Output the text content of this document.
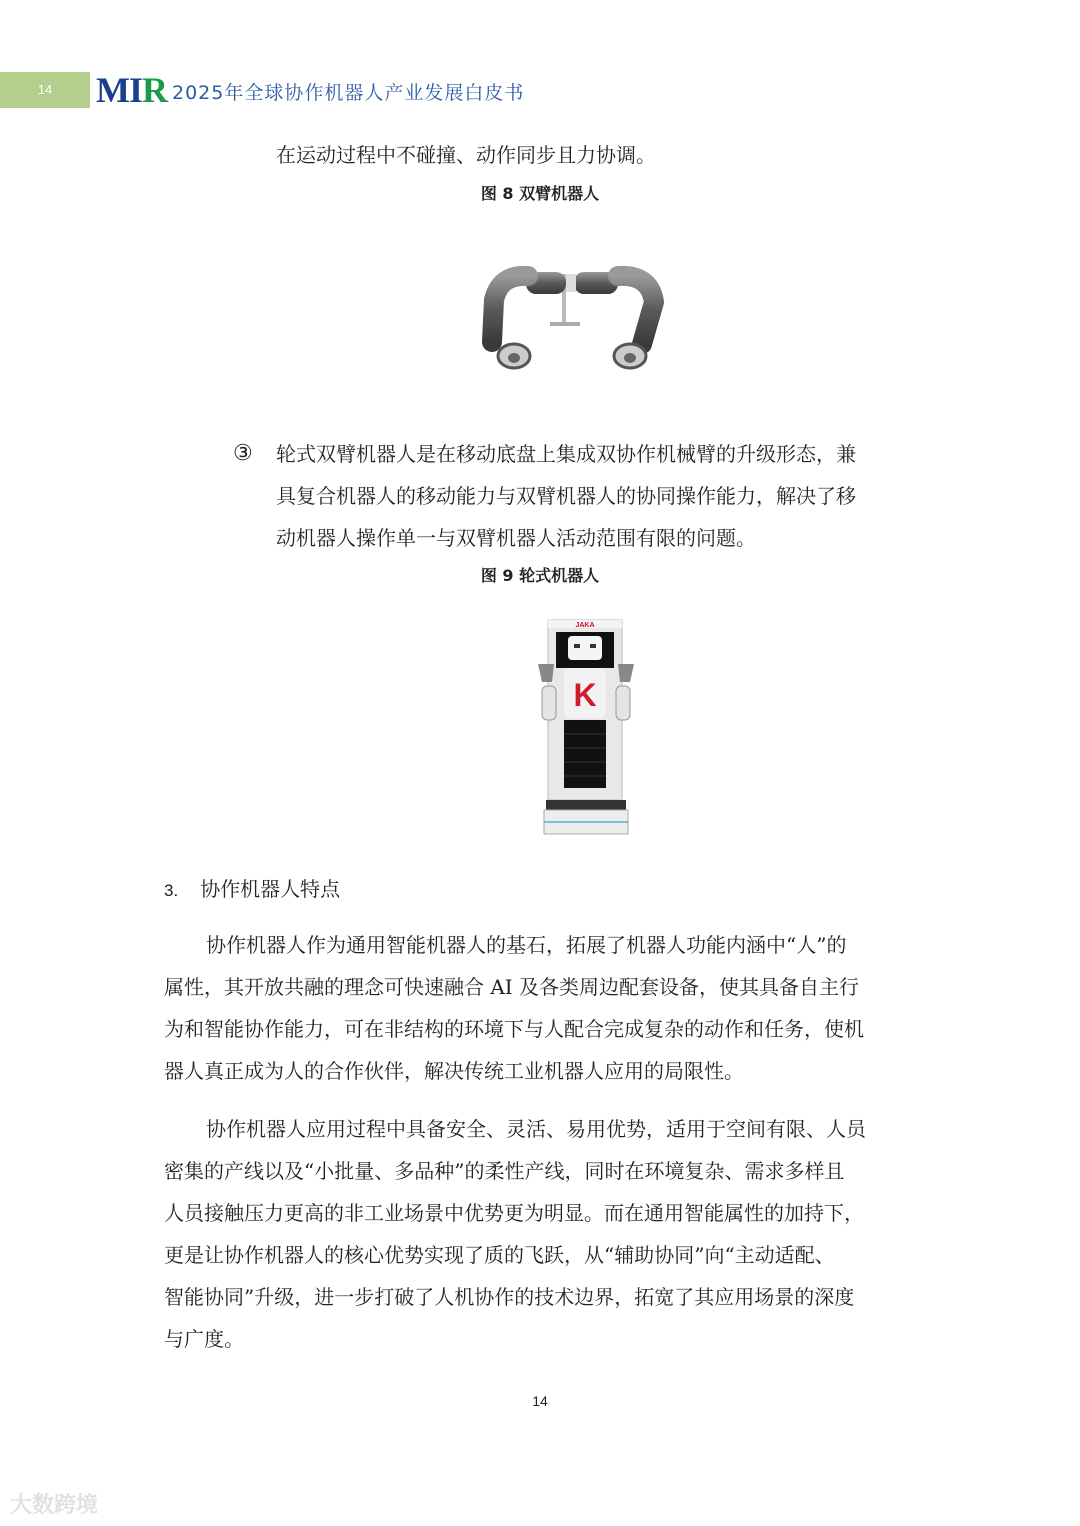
14	MIR 2025年全球协作机器人产业发展白皮书
在运动过程中不碰撞、动作同步且力协调。
图 8 双臂机器人
③ 轮式双臂机器人是在移动底盘上集成双协作机械臂的升级形态，兼
具复合机器人的移动能力与双臂机器人的协同操作能力，解决了移
动机器人操作单一与双臂机器人活动范围有限的问题。
图 9 轮式机器人
JAKA
K
3. 协作机器人特点
协作机器人作为通用智能机器人的基石，拓展了机器人功能内涵中“人”的
属性，其开放共融的理念可快速融合 AI 及各类周边配套设备，使其具备自主行
为和智能协作能力，可在非结构的环境下与人配合完成复杂的动作和任务，使机
器人真正成为人的合作伙伴，解决传统工业机器人应用的局限性。
协作机器人应用过程中具备安全、灵活、易用优势，适用于空间有限、人员
密集的产线以及“小批量、多品种”的柔性产线，同时在环境复杂、需求多样且
人员接触压力更高的非工业场景中优势更为明显。而在通用智能属性的加持下，
更是让协作机器人的核心优势实现了质的飞跃，从“辅助协同”向“主动适配、
智能协同”升级，进一步打破了人机协作的技术边界，拓宽了其应用场景的深度
与广度。
14
大数跨境
